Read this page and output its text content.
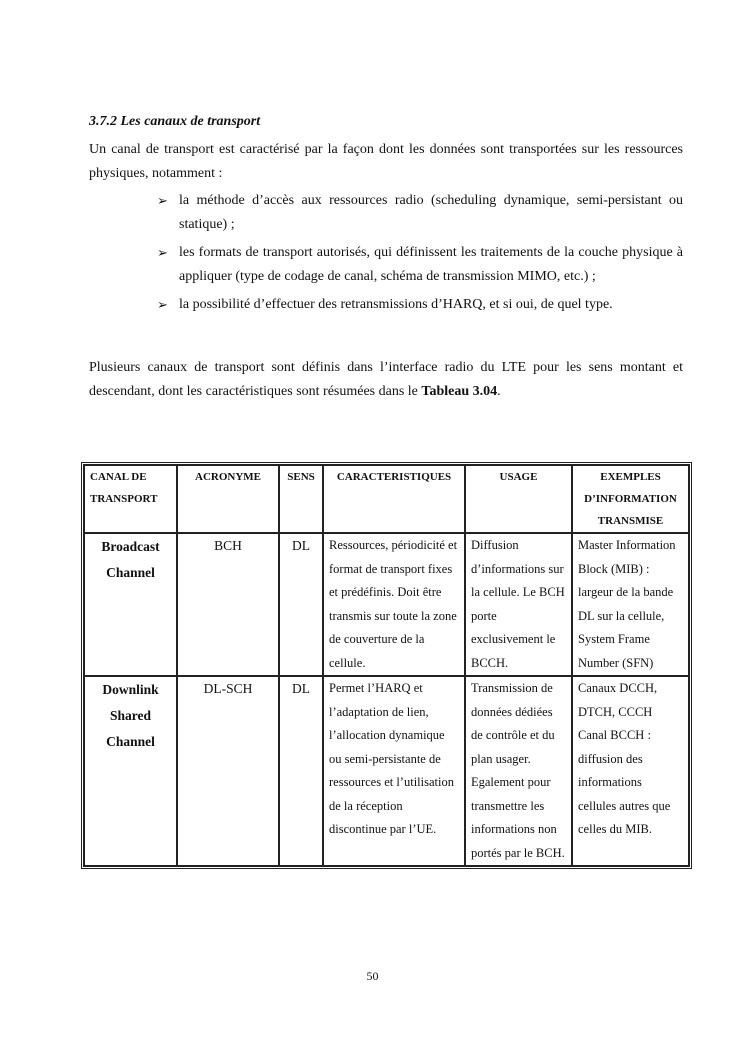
3.7.2 Les canaux de transport
Un canal de transport est caractérisé par la façon dont les données sont transportées sur les ressources physiques, notamment :
➢ la méthode d’accès aux ressources radio (scheduling dynamique, semi-persistant ou statique) ;
➢ les formats de transport autorisés, qui définissent les traitements de la couche physique à appliquer (type de codage de canal, schéma de transmission MIMO, etc.) ;
➢ la possibilité d’effectuer des retransmissions d’HARQ, et si oui, de quel type.
Plusieurs canaux de transport sont définis dans l’interface radio du LTE pour les sens montant et descendant, dont les caractéristiques sont résumées dans le Tableau 3.04.
CANAL DE TRANSPORT	ACRONYME	SENS	CARACTERISTIQUES	USAGE	EXEMPLES D’INFORMATION TRANSMISE
Broadcast Channel	BCH	DL	Ressources, périodicité et format de transport fixes et prédéfinis. Doit être transmis sur toute la zone de couverture de la cellule.	Diffusion d’informations sur la cellule. Le BCH porte exclusivement le BCCH.	Master Information Block (MIB) : largeur de la bande DL sur la cellule,
System Frame Number (SFN)

Downlink Shared Channel	DL-SCH	DL	Permet l’HARQ et l’adaptation de lien, l’allocation dynamique ou semi-persistante de ressources et l’utilisation de la réception discontinue par l’UE.	Transmission de données dédiées de contrôle et du plan usager. Egalement pour transmettre les informations non portés par le BCH.	Canaux DCCH, DTCH, CCCH
Canal BCCH : diffusion des informations cellules autres que celles du MIB.
50
